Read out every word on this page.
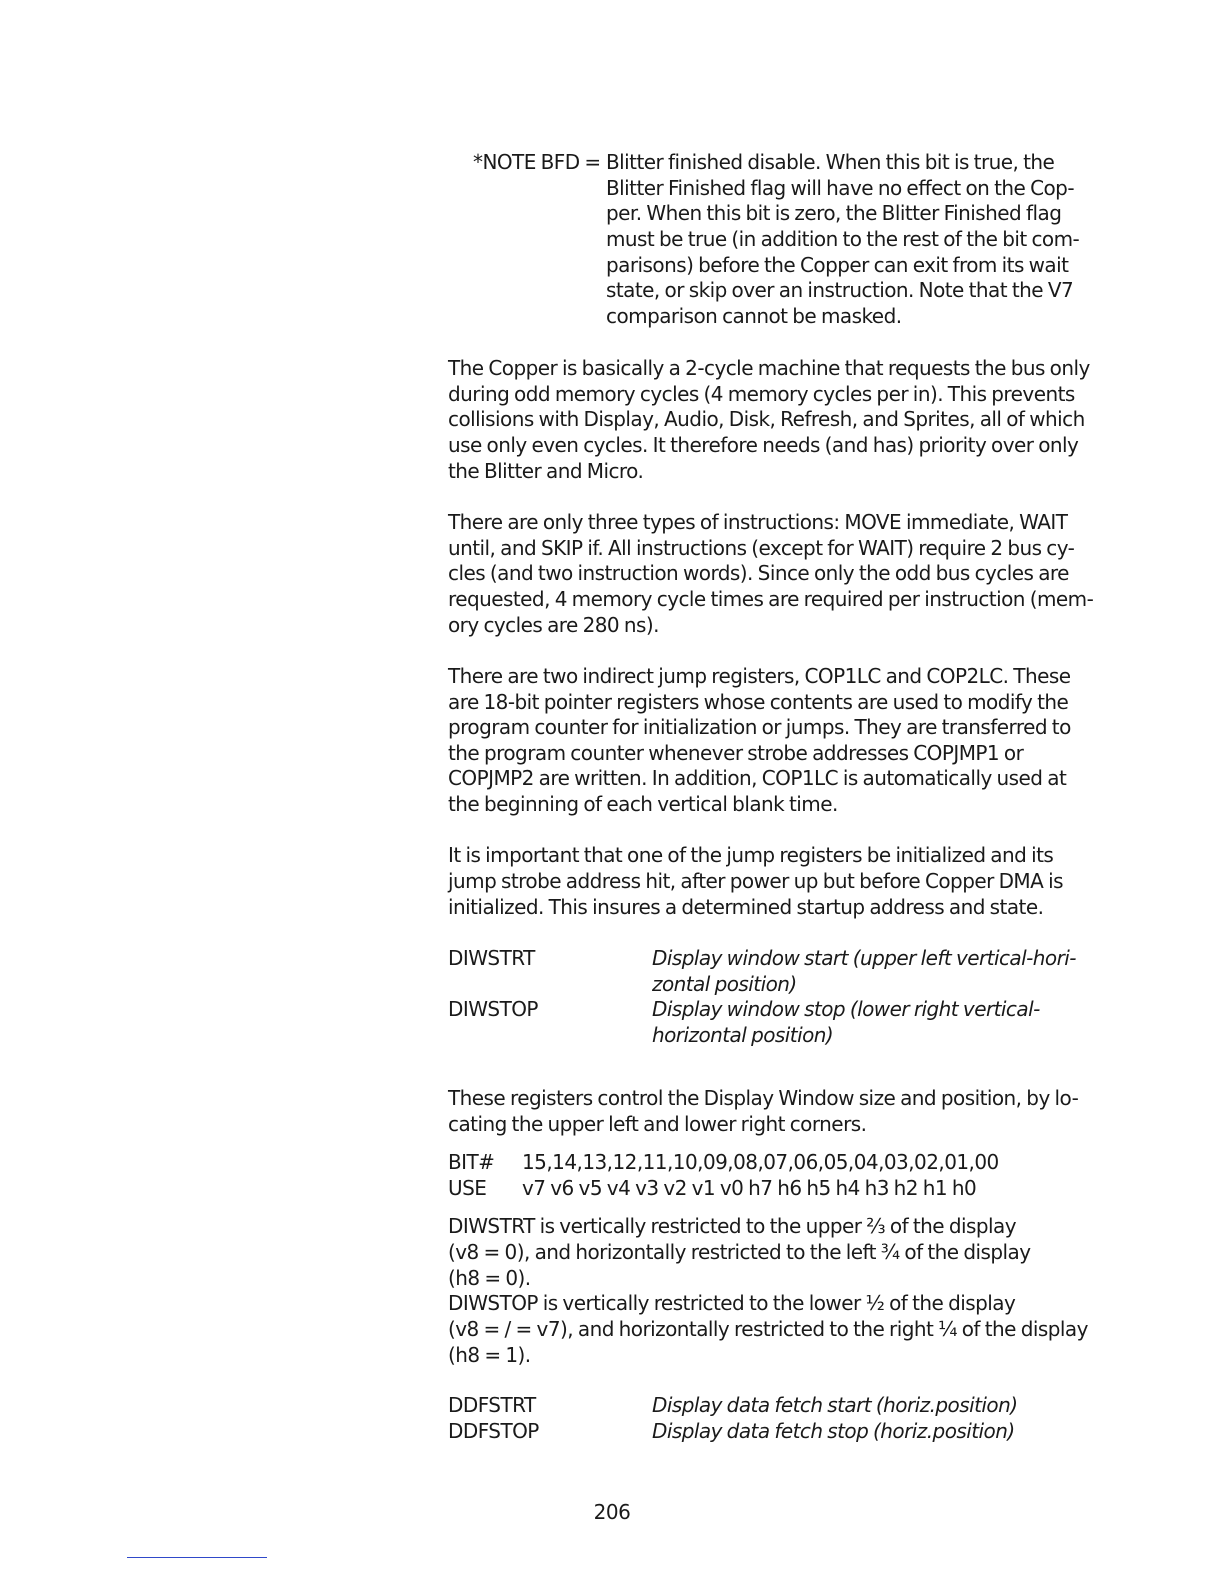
*NOTE BFD = Blitter finished disable. When this bit is true, the
Blitter Finished flag will have no effect on the Cop-
per. When this bit is zero, the Blitter Finished flag
must be true (in addition to the rest of the bit com-
parisons) before the Copper can exit from its wait
state, or skip over an instruction. Note that the V7
comparison cannot be masked.
The Copper is basically a 2-cycle machine that requests the bus only
during odd memory cycles (4 memory cycles per in). This prevents
collisions with Display, Audio, Disk, Refresh, and Sprites, all of which
use only even cycles. It therefore needs (and has) priority over only
the Blitter and Micro.
There are only three types of instructions: MOVE immediate, WAIT
until, and SKIP if. All instructions (except for WAIT) require 2 bus cy-
cles (and two instruction words). Since only the odd bus cycles are
requested, 4 memory cycle times are required per instruction (mem-
ory cycles are 280 ns).
There are two indirect jump registers, COP1LC and COP2LC. These
are 18-bit pointer registers whose contents are used to modify the
program counter for initialization or jumps. They are transferred to
the program counter whenever strobe addresses COPJMP1 or
COPJMP2 are written. In addition, COP1LC is automatically used at
the beginning of each vertical blank time.
It is important that one of the jump registers be initialized and its
jump strobe address hit, after power up but before Copper DMA is
initialized. This insures a determined startup address and state.
DIWSTRT	Display window start (upper left vertical-hori-
zontal position)
DIWSTOP	Display window stop (lower right vertical-
horizontal position)
These registers control the Display Window size and position, by lo-
cating the upper left and lower right corners.
BIT# 15,14,13,12,11,10,09,08,07,06,05,04,03,02,01,00
USE v7 v6 v5 v4 v3 v2 v1 v0 h7 h6 h5 h4 h3 h2 h1 h0
DIWSTRT is vertically restricted to the upper ⅔ of the display
(v8 = 0), and horizontally restricted to the left ¾ of the display
(h8 = 0).
DIWSTOP is vertically restricted to the lower ½ of the display
(v8 = / = v7), and horizontally restricted to the right ¼ of the display
(h8 = 1).
DDFSTRT	Display data fetch start (horiz.position)
DDFSTOP	Display data fetch stop (horiz.position)
206
